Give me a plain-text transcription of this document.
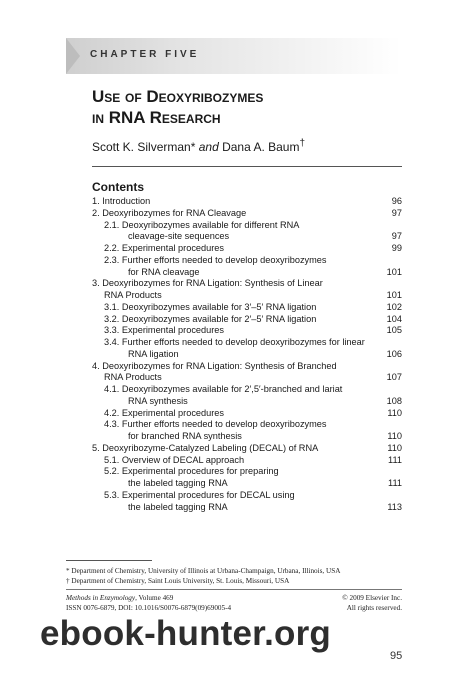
CHAPTER FIVE
Use of Deoxyribozymes
in RNA Research
Scott K. Silverman* and Dana A. Baum†
Contents
1. Introduction	96
2. Deoxyribozymes for RNA Cleavage	97
2.1. Deoxyribozymes available for different RNA
cleavage-site sequences	97
2.2. Experimental procedures	99
2.3. Further efforts needed to develop deoxyribozymes
for RNA cleavage	101
3. Deoxyribozymes for RNA Ligation: Synthesis of Linear
RNA Products	101
3.1. Deoxyribozymes available for 3′–5′ RNA ligation	102
3.2. Deoxyribozymes available for 2′–5′ RNA ligation	104
3.3. Experimental procedures	105
3.4. Further efforts needed to develop deoxyribozymes for linear
RNA ligation	106
4. Deoxyribozymes for RNA Ligation: Synthesis of Branched
RNA Products	107
4.1. Deoxyribozymes available for 2′,5′-branched and lariat
RNA synthesis	108
4.2. Experimental procedures	110
4.3. Further efforts needed to develop deoxyribozymes
for branched RNA synthesis	110
5. Deoxyribozyme-Catalyzed Labeling (DECAL) of RNA	110
5.1. Overview of DECAL approach	111
5.2. Experimental procedures for preparing
the labeled tagging RNA	111
5.3. Experimental procedures for DECAL using
the labeled tagging RNA	113
* Department of Chemistry, University of Illinois at Urbana-Champaign, Urbana, Illinois, USA
† Department of Chemistry, Saint Louis University, St. Louis, Missouri, USA
Methods in Enzymology, Volume 469	© 2009 Elsevier Inc.
ISSN 0076-6879, DOI: 10.1016/S0076-6879(09)69005-4	All rights reserved.
ebook-hunter.org
95
